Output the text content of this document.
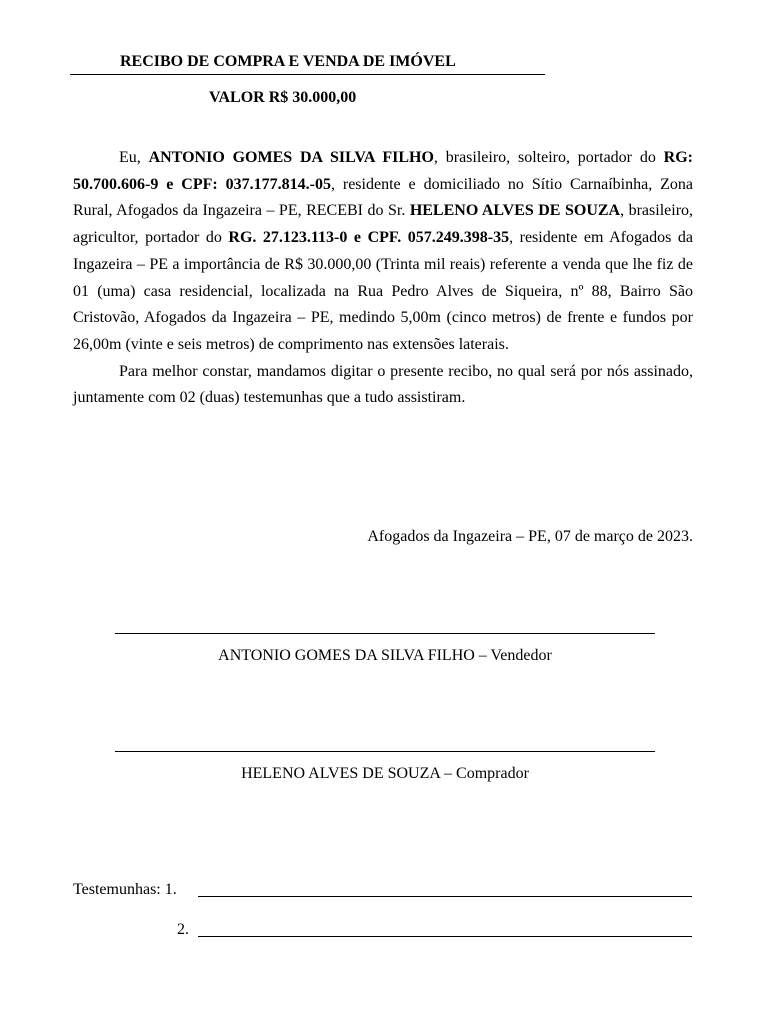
RECIBO DE COMPRA E VENDA DE IMÓVEL
VALOR R$ 30.000,00

Eu, ANTONIO GOMES DA SILVA FILHO, brasileiro, solteiro, portador do RG: 50.700.606-9 e CPF: 037.177.814.-05, residente e domiciliado no Sítio Carnaíbinha, Zona Rural, Afogados da Ingazeira – PE, RECEBI do Sr. HELENO ALVES DE SOUZA, brasileiro, agricultor, portador do RG. 27.123.113-0 e CPF. 057.249.398-35, residente em Afogados da Ingazeira – PE a importância de R$ 30.000,00 (Trinta mil reais) referente a venda que lhe fiz de 01 (uma) casa residencial, localizada na Rua Pedro Alves de Siqueira, nº 88, Bairro São Cristovão, Afogados da Ingazeira – PE, medindo 5,00m (cinco metros) de frente e fundos por 26,00m (vinte e seis metros) de comprimento nas extensões laterais.

Para melhor constar, mandamos digitar o presente recibo, no qual será por nós assinado, juntamente com 02 (duas) testemunhas que a tudo assistiram.

Afogados da Ingazeira – PE, 07 de março de 2023.
ANTONIO GOMES DA SILVA FILHO – Vendedor
HELENO ALVES DE SOUZA – Comprador
Testemunhas: 1.
2.
